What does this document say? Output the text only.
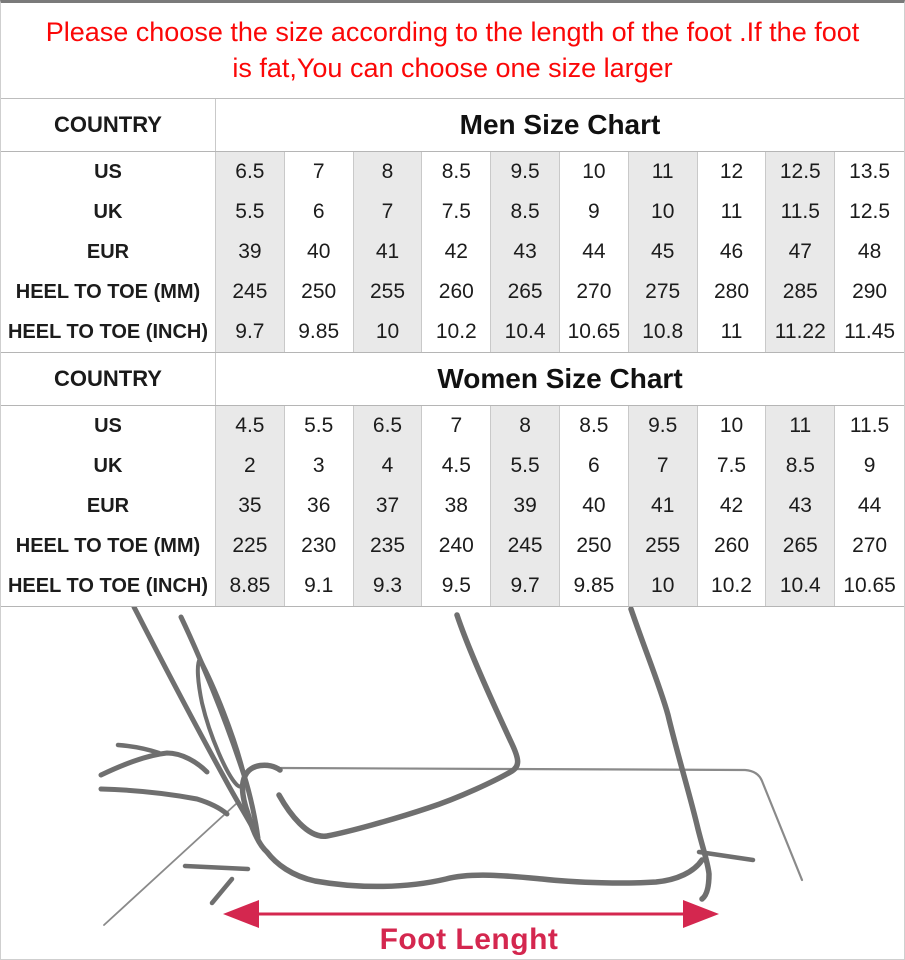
Please choose the size according to the length of the foot .If the foot
is fat,You can choose one size larger
COUNTRY	Men Size Chart
US	6.5	7	8	8.5	9.5	10	11	12	12.5	13.5
UK	5.5	6	7	7.5	8.5	9	10	11	11.5	12.5
EUR	39	40	41	42	43	44	45	46	47	48
HEEL TO TOE (MM)	245	250	255	260	265	270	275	280	285	290
HEEL TO TOE (INCH)	9.7	9.85	10	10.2	10.4	10.65	10.8	11	11.22 11.45
COUNTRY	Women Size Chart
US	4.5	5.5	6.5	7	8	8.5	9.5	10	11	11.5
UK	2	3	4	4.5	5.5	6	7	7.5	8.5	9
EUR	35	36	37	38	39	40	41	42	43	44
HEEL TO TOE (MM)	225	230	235	240	245	250	255	260	265	270
HEEL TO TOE (INCH)	8.85	9.1	9.3	9.5	9.7	9.85	10	10.2	10.4	10.65
Foot Lenght
